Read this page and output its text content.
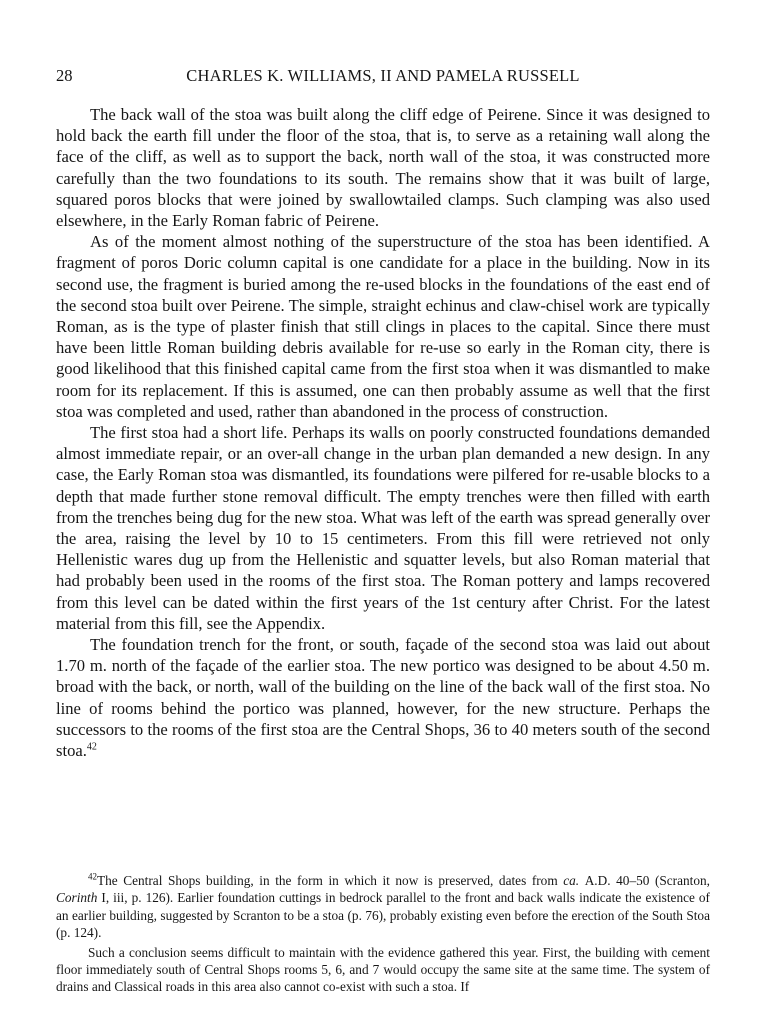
28	CHARLES K. WILLIAMS, II AND PAMELA RUSSELL

The back wall of the stoa was built along the cliff edge of Peirene. Since it was designed to hold back the earth fill under the floor of the stoa, that is, to serve as a retaining wall along the face of the cliff, as well as to support the back, north wall of the stoa, it was constructed more carefully than the two foundations to its south. The remains show that it was built of large, squared poros blocks that were joined by swallowtailed clamps. Such clamping was also used elsewhere, in the Early Roman fabric of Peirene.

As of the moment almost nothing of the superstructure of the stoa has been identified. A fragment of poros Doric column capital is one candidate for a place in the building. Now in its second use, the fragment is buried among the re-used blocks in the foundations of the east end of the second stoa built over Peirene. The simple, straight echinus and claw-chisel work are typically Roman, as is the type of plaster finish that still clings in places to the capital. Since there must have been little Roman building debris available for re-use so early in the Roman city, there is good likelihood that this finished capital came from the first stoa when it was dismantled to make room for its replacement. If this is assumed, one can then probably assume as well that the first stoa was completed and used, rather than abandoned in the process of construction.

The first stoa had a short life. Perhaps its walls on poorly constructed foundations demanded almost immediate repair, or an over-all change in the urban plan demanded a new design. In any case, the Early Roman stoa was dismantled, its foundations were pilfered for re-usable blocks to a depth that made further stone removal difficult. The empty trenches were then filled with earth from the trenches being dug for the new stoa. What was left of the earth was spread generally over the area, raising the level by 10 to 15 centimeters. From this fill were retrieved not only Hellenistic wares dug up from the Hellenistic and squatter levels, but also Roman material that had probably been used in the rooms of the first stoa. The Roman pottery and lamps recovered from this level can be dated within the first years of the 1st century after Christ. For the latest material from this fill, see the Appendix.

The foundation trench for the front, or south, façade of the second stoa was laid out about 1.70 m. north of the façade of the earlier stoa. The new portico was designed to be about 4.50 m. broad with the back, or north, wall of the building on the line of the back wall of the first stoa. No line of rooms behind the portico was planned, however, for the new structure. Perhaps the successors to the rooms of the first stoa are the Central Shops, 36 to 40 meters south of the second stoa.$^{42}$

$^{42}$The Central Shops building, in the form in which it now is preserved, dates from ca. A.D. 40–50 (Scranton, Corinth I, iii, p. 126). Earlier foundation cuttings in bedrock parallel to the front and back walls indicate the existence of an earlier building, suggested by Scranton to be a stoa (p. 76), probably existing even before the erection of the South Stoa (p. 124).

Such a conclusion seems difficult to maintain with the evidence gathered this year. First, the building with cement floor immediately south of Central Shops rooms 5, 6, and 7 would occupy the same site at the same time. The system of drains and Classical roads in this area also cannot co-exist with such a stoa. If
